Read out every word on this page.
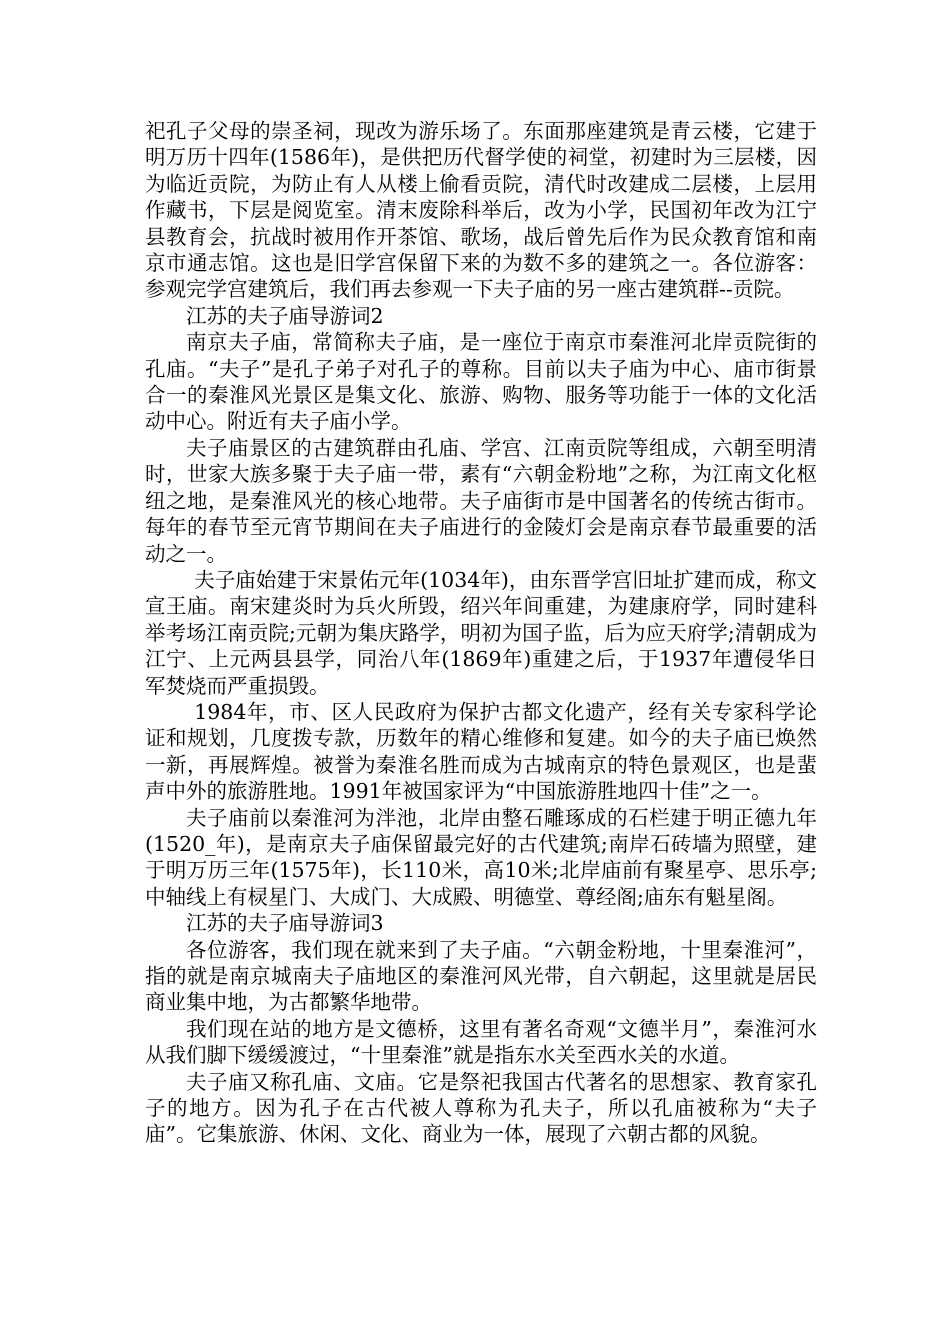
祀孔子父母的崇圣祠，现改为游乐场了。东面那座建筑是青云楼，它建于明万历十四年(1586年)，是供把历代督学使的祠堂，初建时为三层楼，因为临近贡院，为防止有人从楼上偷看贡院，清代时改建成二层楼，上层用作藏书，下层是阅览室。清末废除科举后，改为小学，民国初年改为江宁县教育会，抗战时被用作开茶馆、歌场，战后曾先后作为民众教育馆和南京市通志馆。这也是旧学宫保留下来的为数不多的建筑之一。各位游客：参观完学宫建筑后，我们再去参观一下夫子庙的另一座古建筑群--贡院。

江苏的夫子庙导游词2

南京夫子庙，常简称夫子庙，是一座位于南京市秦淮河北岸贡院街的孔庙。“夫子”是孔子弟子对孔子的尊称。目前以夫子庙为中心、庙市街景合一的秦淮风光景区是集文化、旅游、购物、服务等功能于一体的文化活动中心。附近有夫子庙小学。

夫子庙景区的古建筑群由孔庙、学宫、江南贡院等组成，六朝至明清时，世家大族多聚于夫子庙一带，素有“六朝金粉地”之称，为江南文化枢纽之地，是秦淮风光的核心地带。夫子庙街市是中国著名的传统古街市。每年的春节至元宵节期间在夫子庙进行的金陵灯会是南京春节最重要的活动之一。

夫子庙始建于宋景佑元年(1034年)，由东晋学宫旧址扩建而成，称文宣王庙。南宋建炎时为兵火所毁，绍兴年间重建，为建康府学，同时建科举考场江南贡院;元朝为集庆路学，明初为国子监，后为应天府学;清朝成为江宁、上元两县县学，同治八年(1869年)重建之后，于1937年遭侵华日军焚烧而严重损毁。

1984年，市、区人民政府为保护古都文化遗产，经有关专家科学论证和规划，几度拨专款，历数年的精心维修和复建。如今的夫子庙已焕然一新，再展辉煌。被誉为秦淮名胜而成为古城南京的特色景观区，也是蜚声中外的旅游胜地。1991年被国家评为“中国旅游胜地四十佳”之一。

夫子庙前以秦淮河为泮池，北岸由整石雕琢成的石栏建于明正德九年(1520_年)，是南京夫子庙保留最完好的古代建筑;南岸石砖墙为照壁，建于明万历三年(1575年)，长110米，高10米;北岸庙前有聚星亭、思乐亭;中轴线上有棂星门、大成门、大成殿、明德堂、尊经阁;庙东有魁星阁。

江苏的夫子庙导游词3

各位游客，我们现在就来到了夫子庙。“六朝金粉地，十里秦淮河”，指的就是南京城南夫子庙地区的秦淮河风光带，自六朝起，这里就是居民商业集中地，为古都繁华地带。

我们现在站的地方是文德桥，这里有著名奇观“文德半月”，秦淮河水从我们脚下缓缓渡过，“十里秦淮”就是指东水关至西水关的水道。

夫子庙又称孔庙、文庙。它是祭祀我国古代著名的思想家、教育家孔子的地方。因为孔子在古代被人尊称为孔夫子，所以孔庙被称为“夫子庙”。它集旅游、休闲、文化、商业为一体，展现了六朝古都的风貌。
